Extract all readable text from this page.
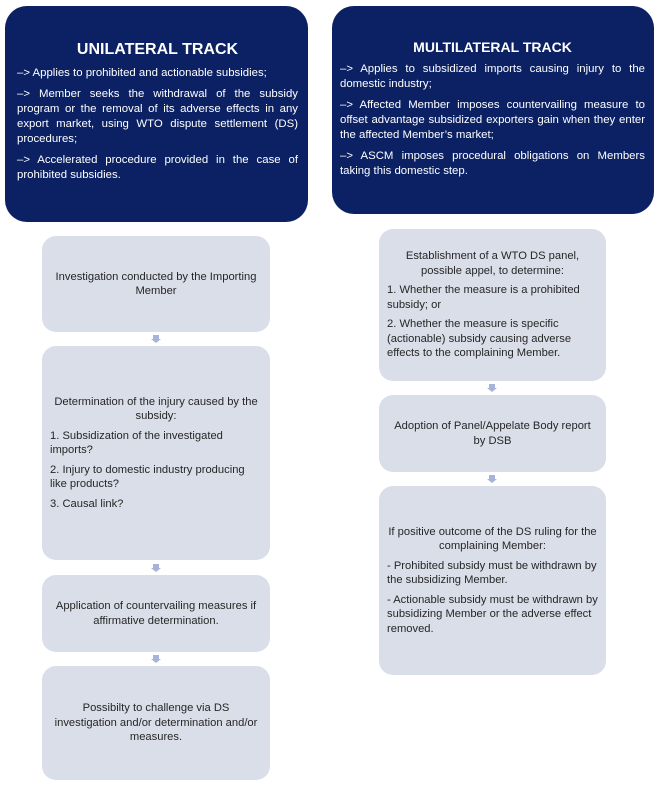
UNILATERAL TRACK

–> Applies to prohibited and actionable subsidies;

–> Member seeks the withdrawal of the subsidy program or the removal of its adverse effects in any export market, using WTO dispute settlement (DS) procedures;

–> Accelerated procedure provided in the case of prohibited subsidies.

MULTILATERAL TRACK

–> Applies to subsidized imports causing injury to the domestic industry;

–> Affected Member imposes countervailing measure to offset advantage subsidized exporters gain when they enter the affected Member’s market;

–> ASCM imposes procedural obligations on Members taking this domestic step.

Investigation conducted by the Importing Member
Determination of the injury caused by the subsidy:
1. Subsidization of the investigated imports?
2. Injury to domestic industry producing like products?
3. Causal link?
Application of countervailing measures if affirmative determination.
Possibilty to challenge via DS investigation and/or determination and/or measures.
Establishment of a WTO DS panel, possible appel, to determine:
1. Whether the measure is a prohibited subsidy; or
2. Whether the measure is specific (actionable) subsidy causing adverse effects to the complaining Member.
Adoption of Panel/Appelate Body report by DSB
If positive outcome of the DS ruling for the complaining Member:
- Prohibited subsidy must be withdrawn by the subsidizing Member.
- Actionable subsidy must be withdrawn by subsidizing Member or the adverse effect removed.
